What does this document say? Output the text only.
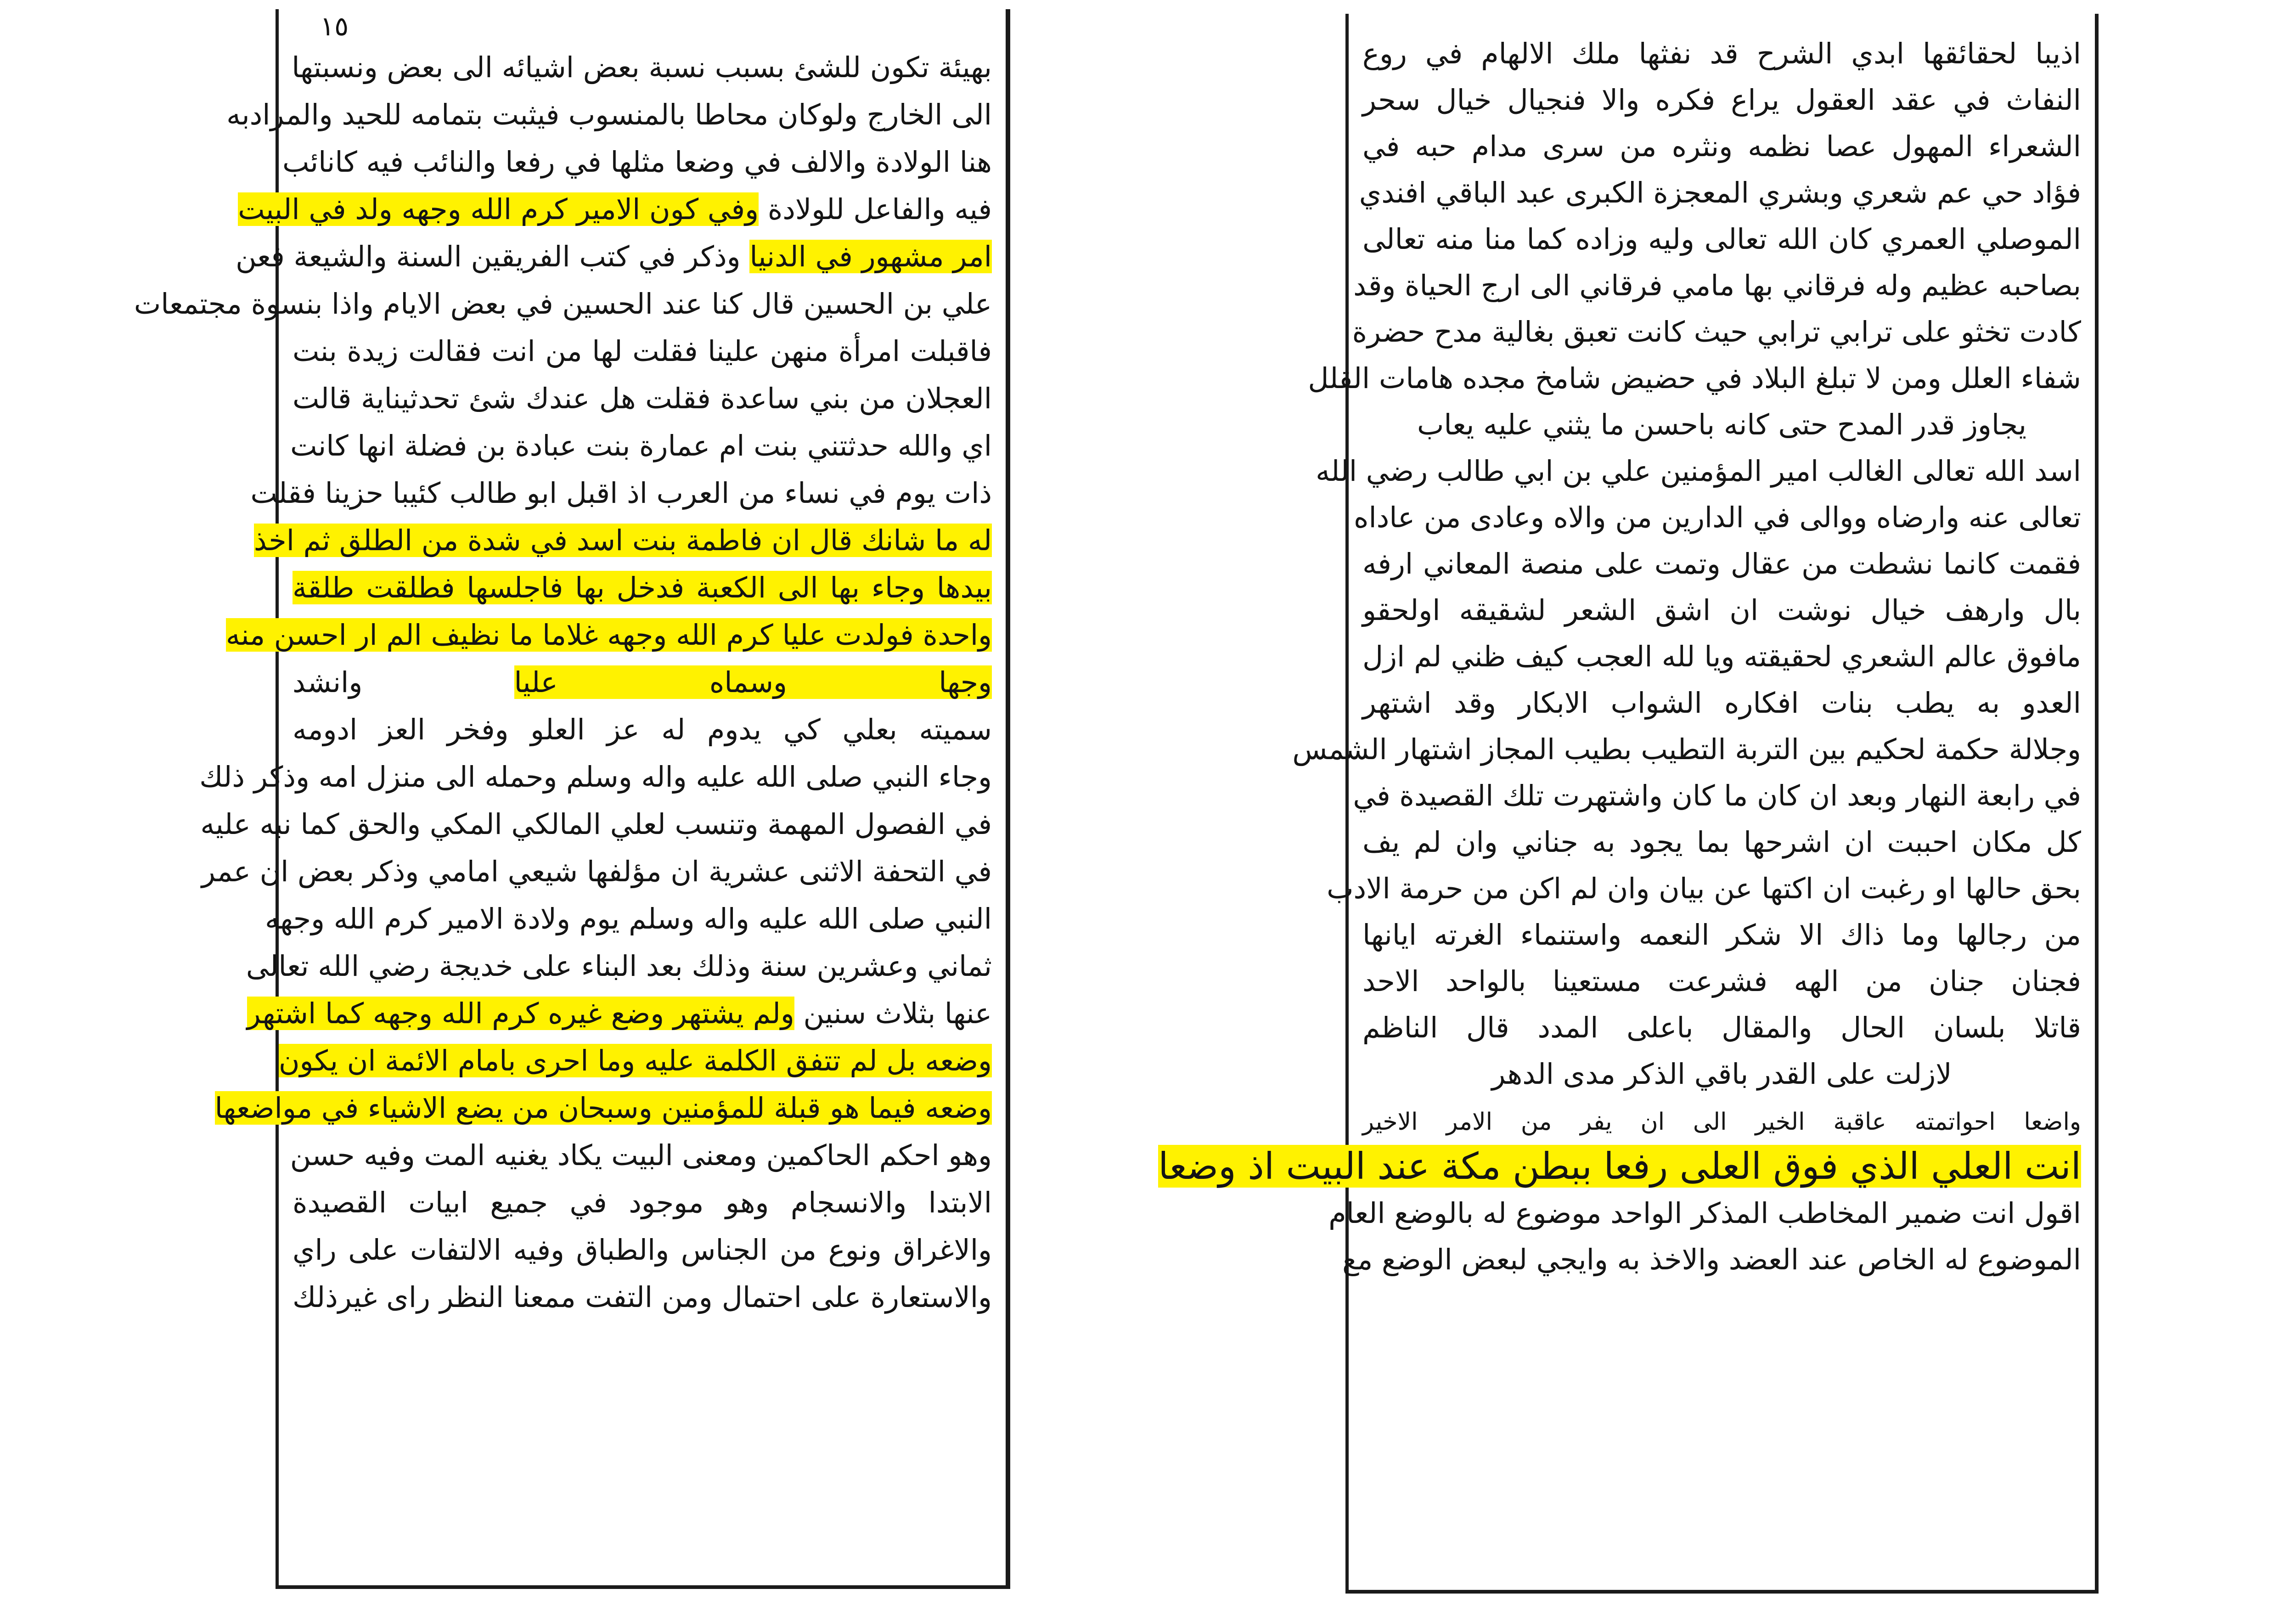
١٥
بهيئة تكون للشئ بسبب نسبة بعض اشيائه الى بعض ونسبتها
الى الخارج ولوكان محاطا بالمنسوب فيثبت بتمامه للحيد والمرادبه
هنا الولادة والالف في وضعا مثلها في رفعا والنائب فيه كانائب
فيه والفاعل للولادة وفي كون الامير كرم الله وجهه ولد في البيت
امر مشهور في الدنيا وذكر في كتب الفريقين السنة والشيعة فعن
علي بن الحسين قال كنا عند الحسين في بعض الايام واذا بنسوة مجتمعات
فاقبلت امرأة منهن علينا فقلت لها من انت فقالت زيدة بنت
العجلان من بني ساعدة فقلت هل عندك شئ تحدثيناية قالت
اي والله حدثتني بنت ام عمارة بنت عبادة بن فضلة انها كانت
ذات يوم في نساء من العرب اذ اقبل ابو طالب كئيبا حزينا فقلت
له ما شانك قال ان فاطمة بنت اسد في شدة من الطلق ثم اخذ
بيدها وجاء بها الى الكعبة فدخل بها فاجلسها فطلقت طلقة
واحدة فولدت عليا كرم الله وجهه غلاما ما نظيف الم ار احسن منه
وجها وسماه عليا وانشد
سميته بعلي كي يدوم له عز العلو وفخر العز ادومه
وجاء النبي صلى الله عليه واله وسلم وحمله الى منزل امه وذكر ذلك
في الفصول المهمة وتنسب لعلي المالكي المكي والحق كما نبه عليه
في التحفة الاثنى عشرية ان مؤلفها شيعي امامي وذكر بعض ان عمر
النبي صلى الله عليه واله وسلم يوم ولادة الامير كرم الله وجهه
ثماني وعشرين سنة وذلك بعد البناء على خديجة رضي الله تعالى
عنها بثلاث سنين ولم يشتهر وضع غيره كرم الله وجهه كما اشتهر
وضعه بل لم تتفق الكلمة عليه وما احرى بامام الائمة ان يكون
وضعه فيما هو قبلة للمؤمنين وسبحان من يضع الاشياء في مواضعها
وهو احكم الحاكمين ومعنى البيت يكاد يغنيه المت وفيه حسن
الابتدا والانسجام وهو موجود في جميع ابيات القصيدة
والاغراق ونوع من الجناس والطباق وفيه الالتفات على راي
والاستعارة على احتمال ومن التفت ممعنا النظر راى غيرذلك
اذيبا لحقائقها ابدي الشرح قد نفثها ملك الالهام في روع
النفاث في عقد العقول يراع فكره والا فنجيال خيال سحر
الشعراء المهول عصا نظمه ونثره من سرى مدام حبه في
فؤاد حي عم شعري وبشري المعجزة الكبرى عبد الباقي افندي
الموصلي العمري كان الله تعالى وليه وزاده كما منا منه تعالى
بصاحبه عظيم وله فرقاني بها مامي فرقاني الى ارج الحياة وقد
كادت تخثو على ترابي ترابي حيث كانت تعبق بغالية مدح حضرة
شفاء العلل ومن لا تبلغ البلاد في حضيض شامخ مجده هامات القلل
يجاوز قدر المدح حتى كانه باحسن ما يثني عليه يعاب
اسد الله تعالى الغالب امير المؤمنين علي بن ابي طالب رضي الله
تعالى عنه وارضاه ووالى في الدارين من والاه وعادى من عاداه
فقمت كانما نشطت من عقال وتمت على منصة المعاني ارفه
بال وارهف خيال نوشت ان اشق الشعر لشقيقه اولحقو
مافوق عالم الشعري لحقيقته ويا لله العجب كيف ظني لم ازل
العدو به يطب بنات افكاره الشواب الابكار وقد اشتهر
وجلالة حكمة لحكيم بين التربة التطيب بطيب المجاز اشتهار الشمس
في رابعة النهار وبعد ان كان ما كان واشتهرت تلك القصيدة في
كل مكان احببت ان اشرحها بما يجود به جناني وان لم يف
بحق حالها او رغبت ان اكتها عن بيان وان لم اكن من حرمة الادب
من رجالها وما ذاك الا شكر النعمه واستنماء الغرته ايانها
فجنان جنان من الهه فشرعت مستعينا بالواحد الاحد
قاتلا بلسان الحال والمقال باعلى المدد قال الناظم
لازلت على القدر باقي الذكر مدى الدهر
واضعا احواتمته عاقبة الخير الى ان يفر من الامر الاخير
انت العلي الذي فوق العلى رفعا ببطن مكة عند البيت اذ وضعا
اقول انت ضمير المخاطب المذكر الواحد موضوع له بالوضع العام
الموضوع له الخاص عند العضد والاخذ به وايجي لبعض الوضع مع
